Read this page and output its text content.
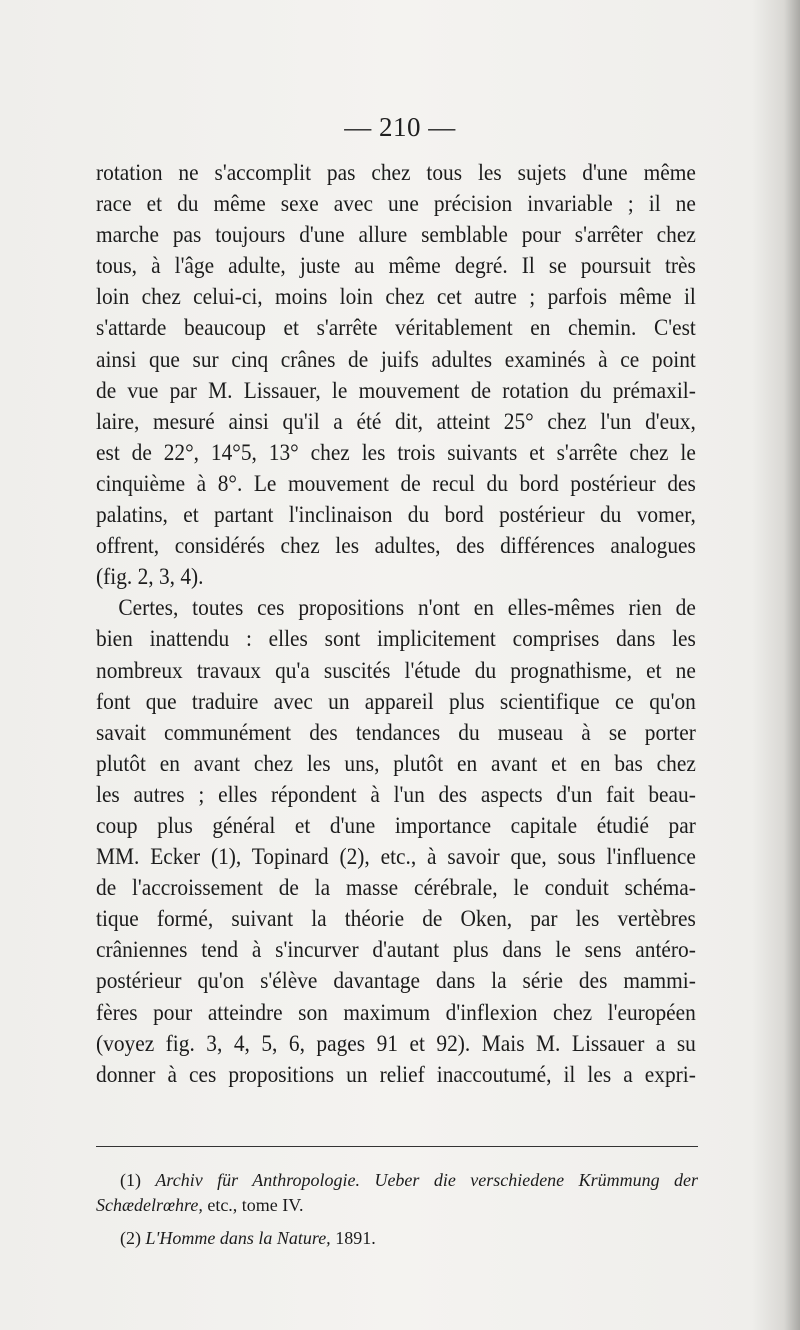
— 210 —
rotation ne s'accomplit pas chez tous les sujets d'une même
race et du même sexe avec une précision invariable ; il ne
marche pas toujours d'une allure semblable pour s'arrêter chez
tous, à l'âge adulte, juste au même degré. Il se poursuit très
loin chez celui-ci, moins loin chez cet autre ; parfois même il
s'attarde beaucoup et s'arrête véritablement en chemin. C'est
ainsi que sur cinq crânes de juifs adultes examinés à ce point
de vue par M. Lissauer, le mouvement de rotation du prémaxil-
laire, mesuré ainsi qu'il a été dit, atteint 25° chez l'un d'eux,
est de 22°, 14°5, 13° chez les trois suivants et s'arrête chez le
cinquième à 8°. Le mouvement de recul du bord postérieur des
palatins, et partant l'inclinaison du bord postérieur du vomer,
offrent, considérés chez les adultes, des différences analogues
(fig. 2, 3, 4).
Certes, toutes ces propositions n'ont en elles-mêmes rien de
bien inattendu : elles sont implicitement comprises dans les
nombreux travaux qu'a suscités l'étude du prognathisme, et ne
font que traduire avec un appareil plus scientifique ce qu'on
savait communément des tendances du museau à se porter
plutôt en avant chez les uns, plutôt en avant et en bas chez
les autres ; elles répondent à l'un des aspects d'un fait beau-
coup plus général et d'une importance capitale étudié par
MM. Ecker (1), Topinard (2), etc., à savoir que, sous l'influence
de l'accroissement de la masse cérébrale, le conduit schéma-
tique formé, suivant la théorie de Oken, par les vertèbres
crâniennes tend à s'incurver d'autant plus dans le sens antéro-
postérieur qu'on s'élève davantage dans la série des mammi-
fères pour atteindre son maximum d'inflexion chez l'européen
(voyez fig. 3, 4, 5, 6, pages 91 et 92). Mais M. Lissauer a su
donner à ces propositions un relief inaccoutumé, il les a expri-
(1) Archiv für Anthropologie. Ueber die verschiedene Krümmung der
Schædelrœhre, etc., tome IV.
(2) L'Homme dans la Nature, 1891.
